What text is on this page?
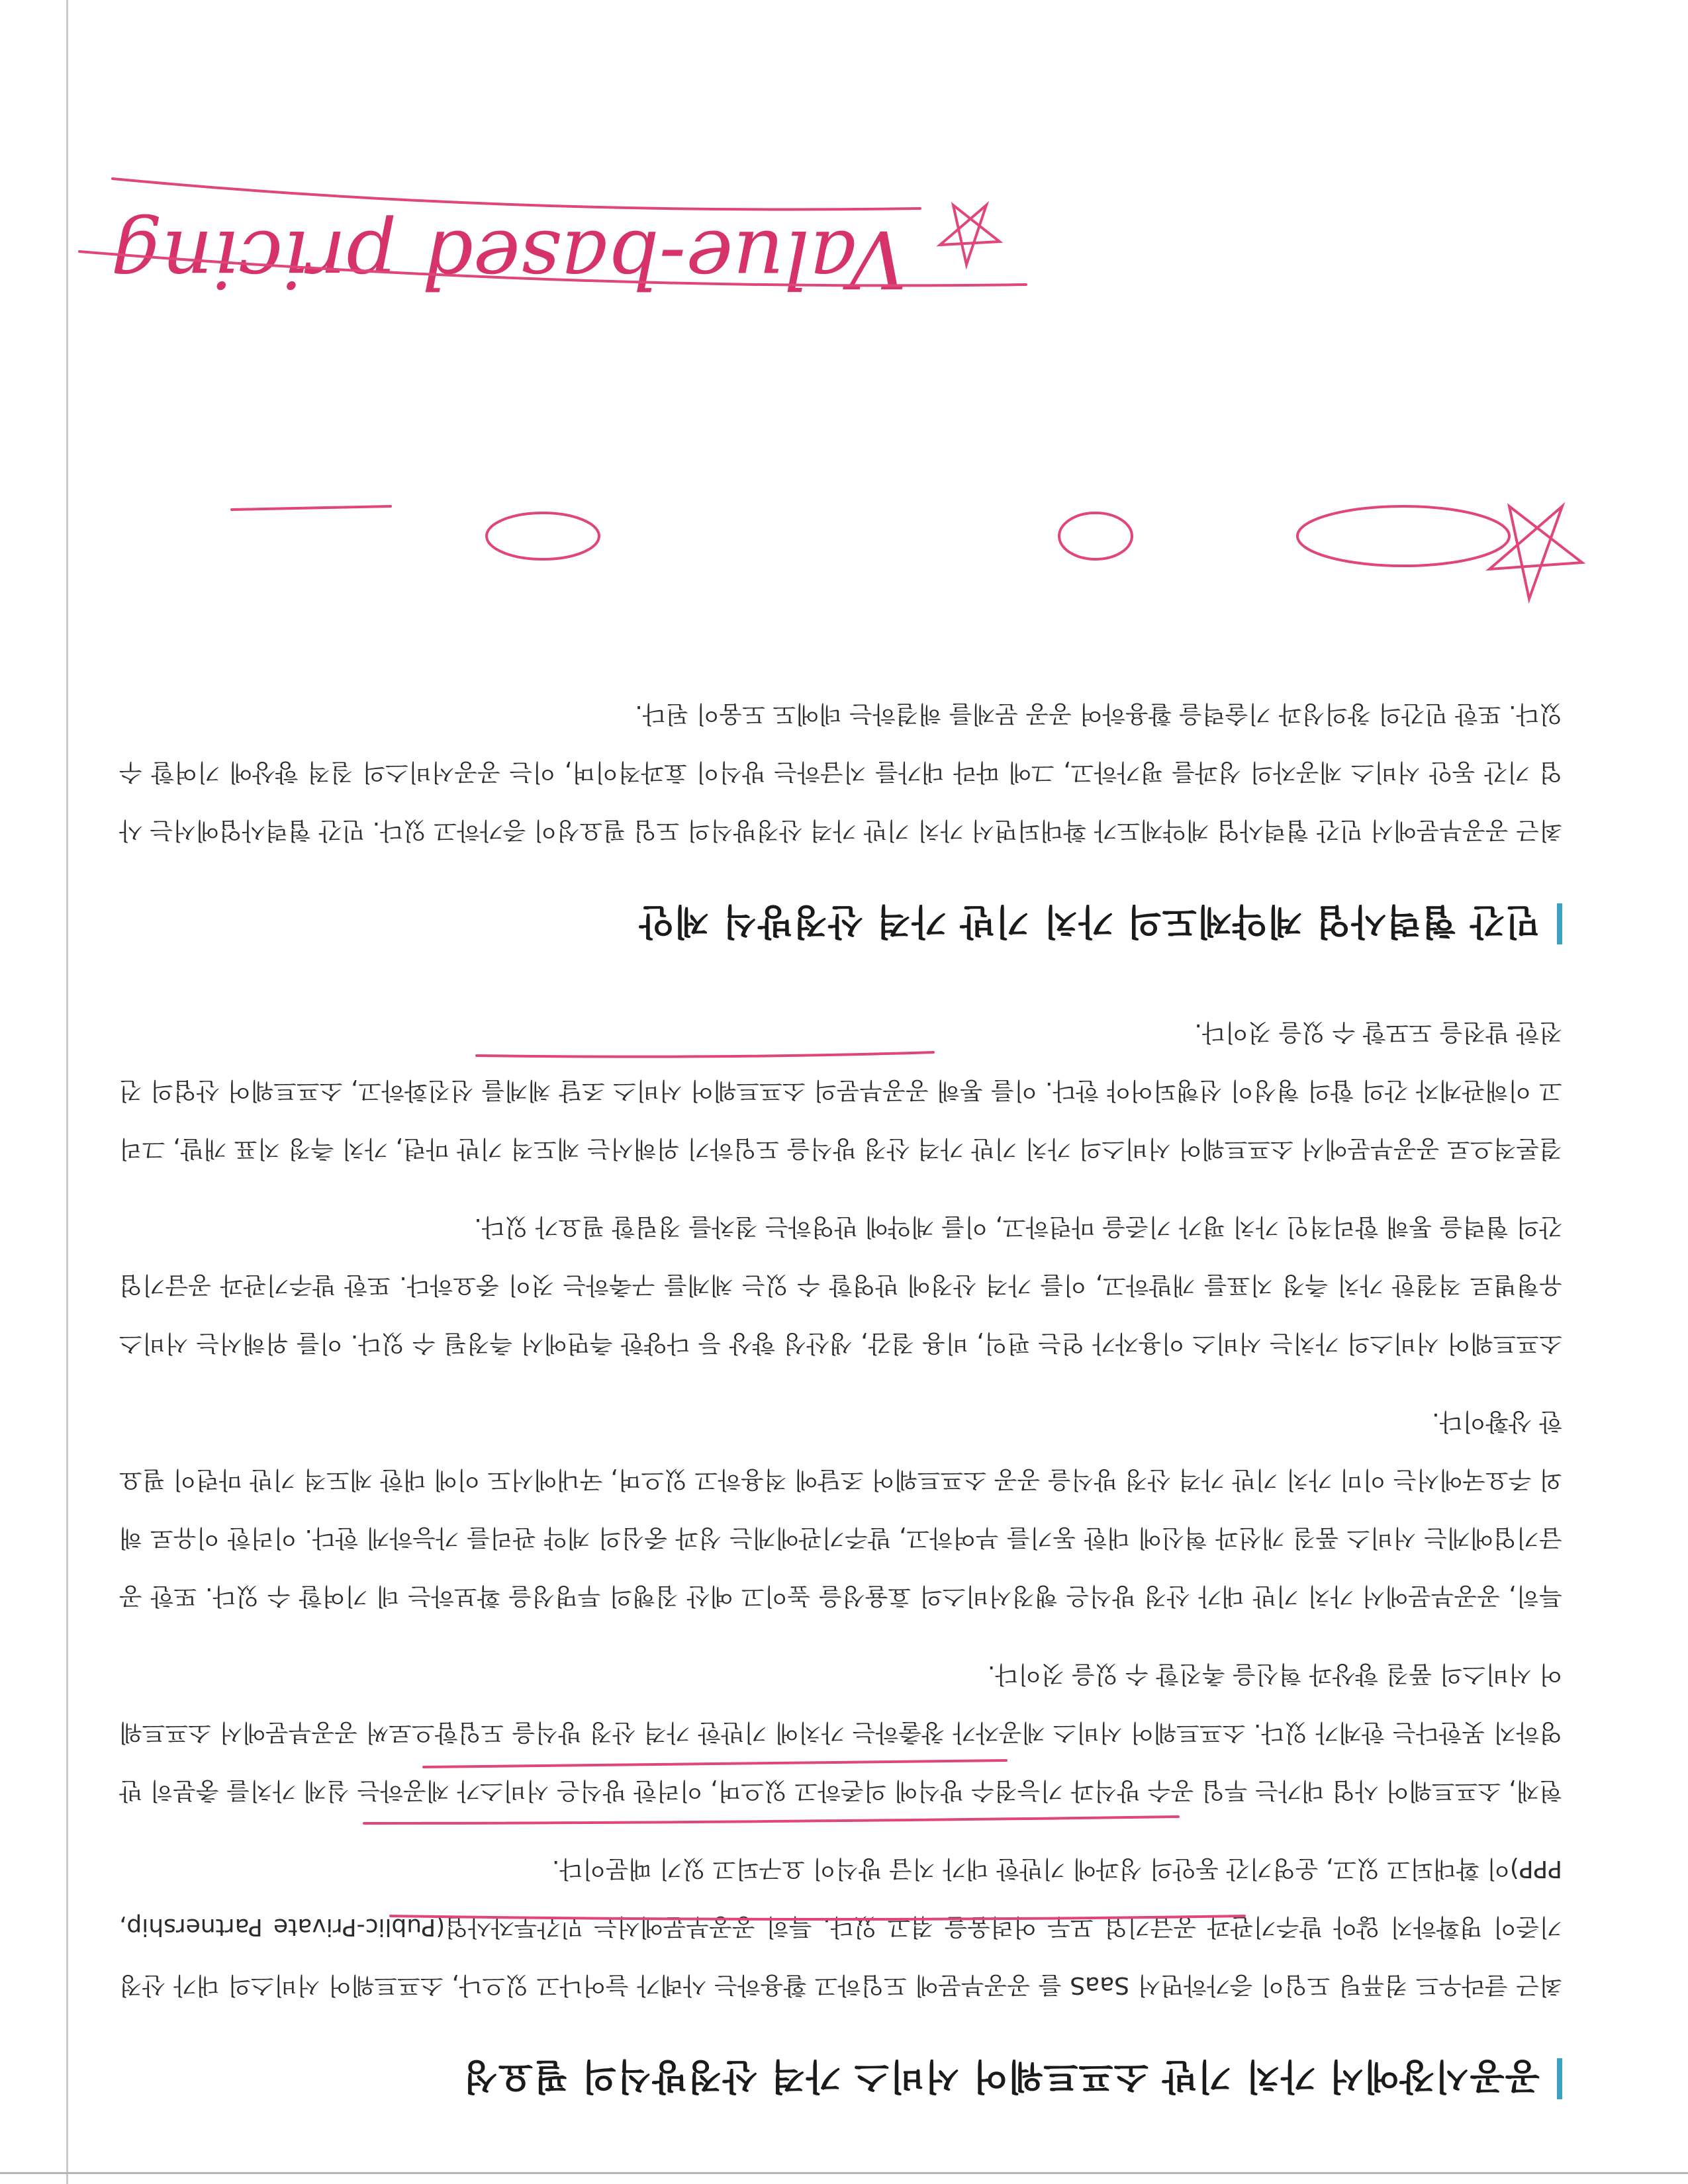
공공시장에서 가치 기반 소프트웨어 서비스 가격 산정방식의 필요성

최근 클라우드 컴퓨팅 도입이 증가하면서 SaaS 를 공공부문에 도입하고 활용하는 사례가 늘어나고 있으나, 소프트웨어 서비스의 대가 산정 기준이 명확하지 않아 발주기관과 공급기업 모두 어려움을 겪고 있다. 특히 공공부문에서는 민간투자사업(Public-Private Partnership, PPP)이 확대되고 있고, 운영기간 동안의 성과에 기반한 대가 지급 방식이 요구되고 있기 때문이다.

현재, 소프트웨어 사업 대가는 투입 공수 방식과 기능점수 방식에 의존하고 있으며, 이러한 방식은 서비스가 제공하는 실제 가치를 충분히 반영하지 못한다는 한계가 있다. 소프트웨어 서비스 제공자가 창출하는 가치에 기반한 가격 산정 방식을 도입함으로써 공공부문에서 소프트웨어 서비스의 품질 향상과 혁신을 촉진할 수 있을 것이다.

특히, 공공부문에서 가치 기반 대가 산정 방식은 행정서비스의 효율성을 높이고 예산 집행의 투명성을 확보하는 데 기여할 수 있다. 또한 공급기업에게는 서비스 품질 개선과 혁신에 대한 동기를 부여하고, 발주기관에게는 성과 중심의 계약 관리를 가능하게 한다. 이러한 이유로 해외 주요국에서는 이미 가치 기반 가격 산정 방식을 공공 소프트웨어 조달에 적용하고 있으며, 국내에서도 이에 대한 제도적 기반 마련이 필요한 상황이다.

소프트웨어 서비스의 가치는 서비스 이용자가 얻는 편익, 비용 절감, 생산성 향상 등 다양한 측면에서 측정될 수 있다. 이를 위해서는 서비스 유형별로 적절한 가치 측정 지표를 개발하고, 이를 가격 산정에 반영할 수 있는 체계를 구축하는 것이 중요하다. 또한 발주기관과 공급기업 간의 협력을 통해 합리적인 가치 평가 기준을 마련하고, 이를 계약에 반영하는 절차를 정립할 필요가 있다.

결론적으로 공공부문에서 소프트웨어 서비스의 가치 기반 가격 산정 방식을 도입하기 위해서는 제도적 기반 마련, 가치 측정 지표 개발, 그리고 이해관계자 간의 합의 형성이 선행되어야 한다. 이를 통해 공공부문의 소프트웨어 서비스 조달 체계를 선진화하고, 소프트웨어 산업의 건전한 발전을 도모할 수 있을 것이다.

민간 협력사업 계약제도의 가치 기반 가격 산정방식 제안

최근 공공부문에서 민간 협력사업 계약제도가 확대되면서 가치 기반 가격 산정방식의 도입 필요성이 증가하고 있다. 민간 협력사업에서는 사업 기간 동안 서비스 제공자의 성과를 평가하고, 그에 따라 대가를 지급하는 방식이 효과적이며, 이는 공공서비스의 질적 향상에 기여할 수 있다. 또한 민간의 창의성과 기술력을 활용하여 공공 문제를 해결하는 데에도 도움이 된다.

Value-based pricing
